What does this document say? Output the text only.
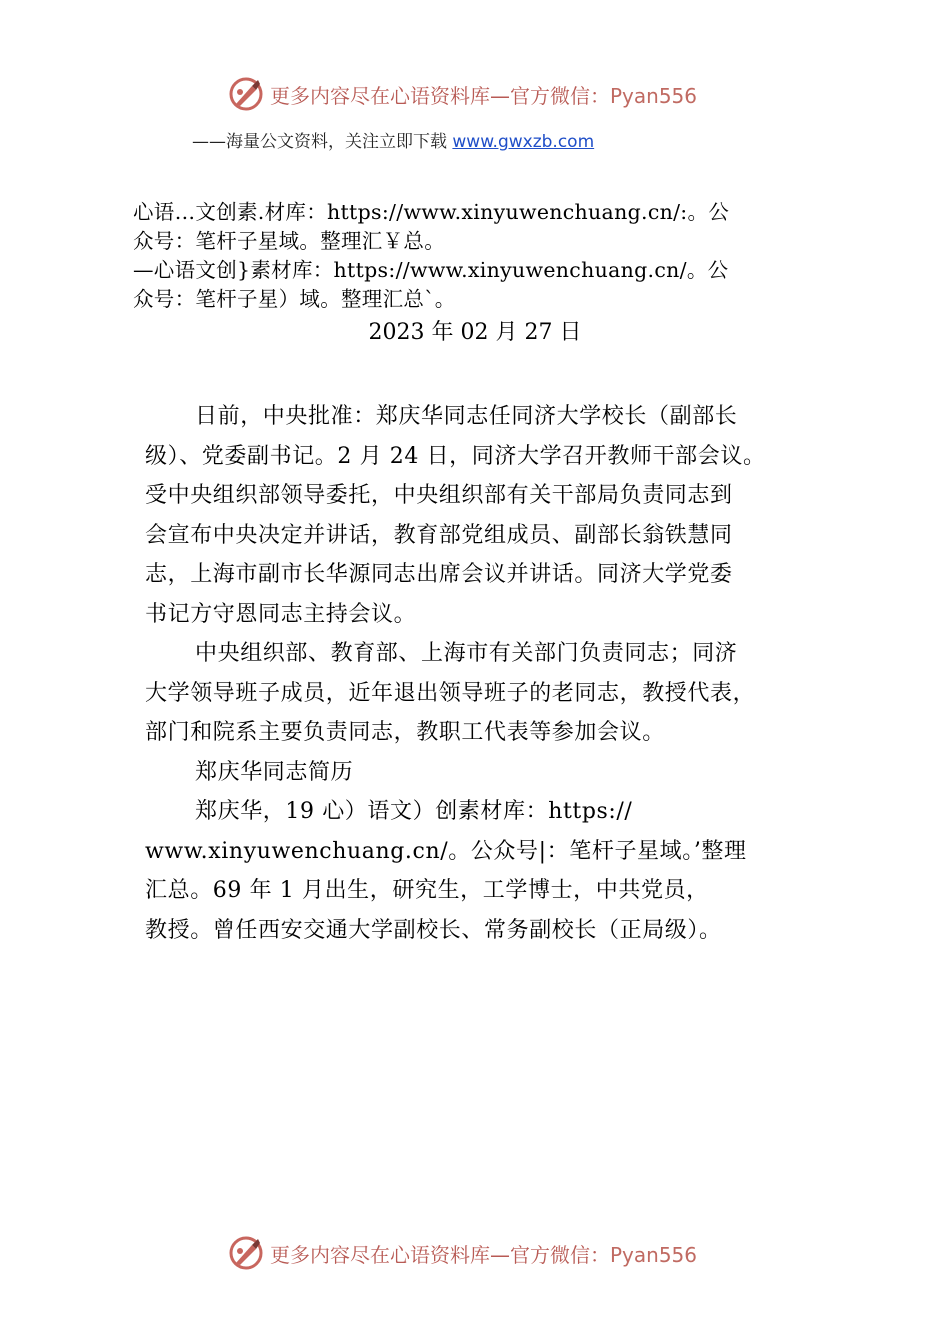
更多内容尽在心语资料库—官方微信：Pyan556
——海量公文资料，关注立即下载 www.gwxzb.com
心语…文创素.材库：https://www.xinyuwenchuang.cn/:。公
众号：笔杆子星域。整理汇￥总。
—心语文创}素材库：https://www.xinyuwenchuang.cn/。公
众号：笔杆子星）域。整理汇总`。
2023 年 02 月 27 日
日前，中央批准：郑庆华同志任同济大学校长（副部长
级）、党委副书记。2 月 24 日，同济大学召开教师干部会议。
受中央组织部领导委托，中央组织部有关干部局负责同志到
会宣布中央决定并讲话，教育部党组成员、副部长翁铁慧同
志，上海市副市长华源同志出席会议并讲话。同济大学党委
书记方守恩同志主持会议。
中央组织部、教育部、上海市有关部门负责同志；同济
大学领导班子成员，近年退出领导班子的老同志，教授代表，
部门和院系主要负责同志，教职工代表等参加会议。
郑庆华同志简历
郑庆华，19 心）语文）创素材库：https://
www.xinyuwenchuang.cn/。公众号|：笔杆子星域。’整理
汇总。69 年 1 月出生，研究生，工学博士，中共党员，
教授。曾任西安交通大学副校长、常务副校长（正局级）。
更多内容尽在心语资料库—官方微信：Pyan556
